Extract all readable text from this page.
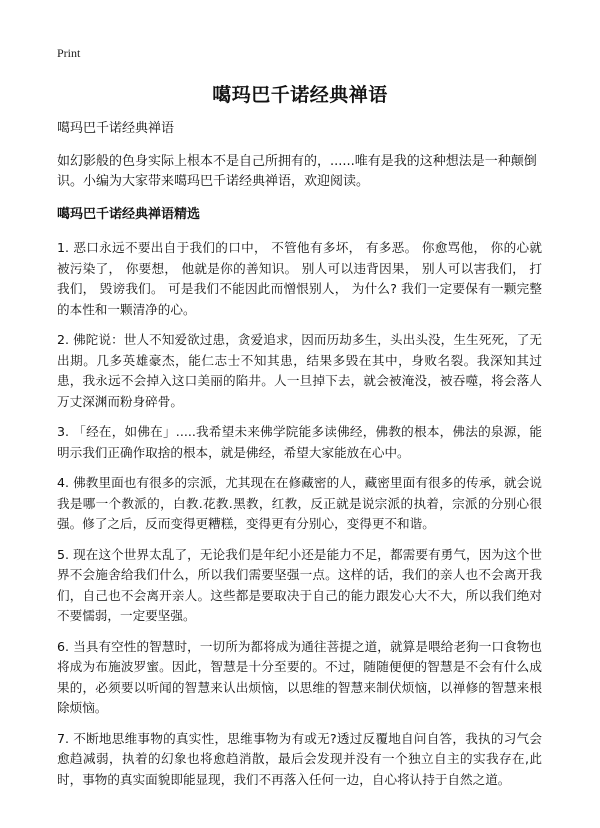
Print
噶玛巴千诺经典禅语

噶玛巴千诺经典禅语

如幻影般的色身实际上根本不是自己所拥有的，......唯有是我的这种想法是一种颠倒识。小编为大家带来噶玛巴千诺经典禅语，欢迎阅读。

噶玛巴千诺经典禅语精选

1. 恶口永远不要出自于我们的口中， 不管他有多坏， 有多恶。 你愈骂他， 你的心就被污染了， 你要想， 他就是你的善知识。 别人可以违背因果， 别人可以害我们， 打我们， 毁谤我们。 可是我们不能因此而憎恨别人， 为什么? 我们一定要保有一颗完整的本性和一颗清净的心。

2. 佛陀说：世人不知爱欲过患，贪爱追求，因而历劫多生，头出头没，生生死死，了无出期。几多英雄豪杰，能仁志士不知其患，结果多毁在其中，身败名裂。我深知其过患，我永远不会掉入这口美丽的陷井。人一旦掉下去，就会被淹没，被吞噬，将会落人万丈深渊而粉身碎骨。

3. 「经在，如佛在」.....我希望未来佛学院能多读佛经，佛教的根本，佛法的泉源，能明示我们正确作取捨的根本，就是佛经，希望大家能放在心中。

4. 佛教里面也有很多的宗派，尤其现在在修藏密的人，藏密里面有很多的传承，就会说我是哪一个教派的，白教.花教.黑教，红教，反正就是说宗派的执着，宗派的分别心很强。修了之后，反而变得更糟糕，变得更有分别心，变得更不和谐。

5. 现在这个世界太乱了，无论我们是年纪小还是能力不足，都需要有勇气，因为这个世界不会施舍给我们什么，所以我们需要坚强一点。这样的话，我们的亲人也不会离开我们，自己也不会离开亲人。这些都是要取决于自己的能力跟发心大不大，所以我们绝对不要懦弱，一定要坚强。

6. 当具有空性的智慧时，一切所为都将成为通往菩提之道，就算是喂给老狗一口食物也将成为布施波罗蜜。因此，智慧是十分至要的。不过，随随便便的智慧是不会有什么成果的，必须要以听闻的智慧来认出烦恼，以思维的智慧来制伏烦恼，以禅修的智慧来根除烦恼。

7. 不断地思维事物的真实性，思维事物为有或无?透过反覆地自问自答，我执的习气会愈趋减弱，执着的幻象也将愈趋消散，最后会发现并没有一个独立自主的实我存在,此时，事物的真实面貌即能显现，我们不再落入任何一边，自心将认持于自然之道。
